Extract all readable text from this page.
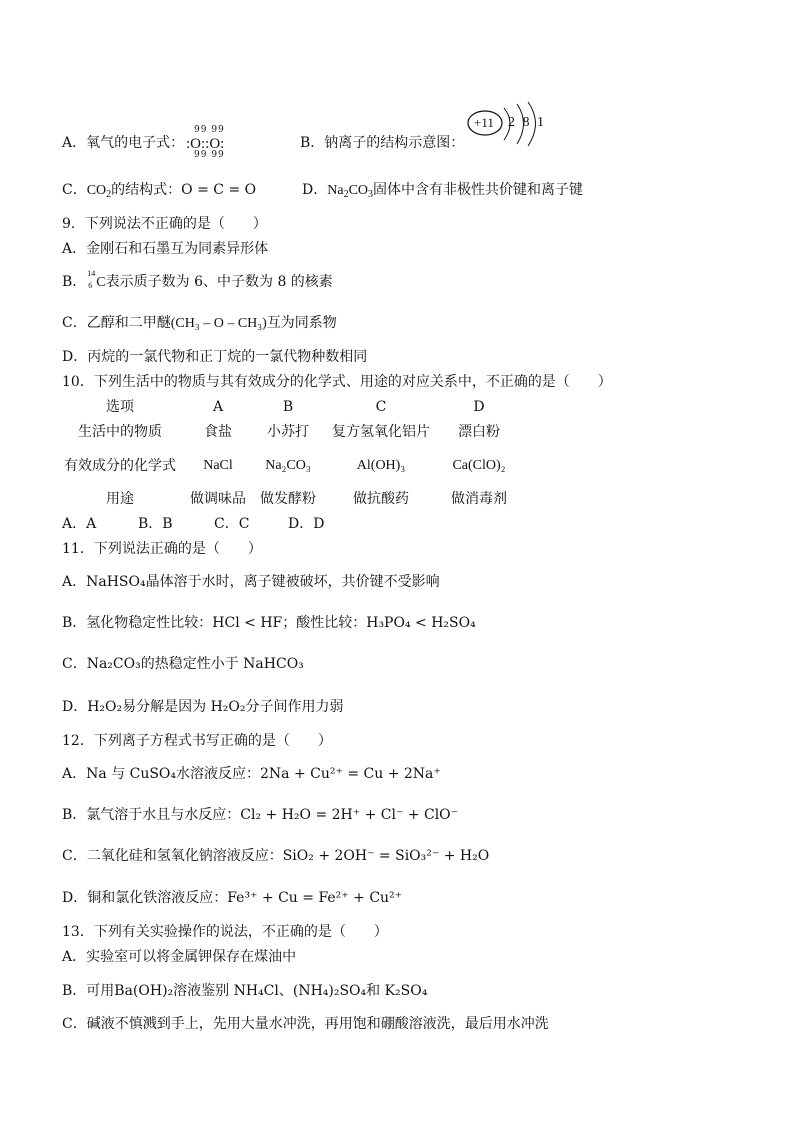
A．氧气的电子式：
99 99
:O::O:
99 99
B．钠离子的结构示意图：
+11 2 8 1
C．$CO_2$的结构式：O = C = O	D．$Na_2CO_3$固体中含有非极性共价键和离子键
9．下列说法不正确的是（　　）
A．金刚石和石墨互为同素异形体
B．
14
6 C表示质子数为 6、中子数为 8 的核素
C．乙醇和二甲醚(CH₃ – O – CH₃)互为同系物
D．丙烷的一氯代物和正丁烷的一氯代物种数相同
10．下列生活中的物质与其有效成分的化学式、用途的对应关系中，不正确的是（　　）
选项	A	B	C	D
生活中的物质	食盐	小苏打	复方氢氧化铝片	漂白粉
有效成分的化学式	NaCl	Na₂CO₃	Al(OH)₃	Ca(ClO)₂
用途	做调味品	做发酵粉	做抗酸药	做消毒剂
A．A	B．B	C．C	D．D
11．下列说法正确的是（　　）
A．NaHSO₄晶体溶于水时，离子键被破坏，共价键不受影响
B．氢化物稳定性比较：HCl < HF；酸性比较：H₃PO₄ < H₂SO₄
C．Na₂CO₃的热稳定性小于 NaHCO₃
D．H₂O₂易分解是因为 H₂O₂分子间作用力弱
12．下列离子方程式书写正确的是（　　）
A．Na 与 CuSO₄水溶液反应：2Na + Cu²⁺ = Cu + 2Na⁺
B．氯气溶于水且与水反应：Cl₂ + H₂O = 2H⁺ + Cl⁻ + ClO⁻
C．二氧化硅和氢氧化钠溶液反应：SiO₂ + 2OH⁻ = SiO₃²⁻ + H₂O
D．铜和氯化铁溶液反应：Fe³⁺ + Cu = Fe²⁺ + Cu²⁺
13．下列有关实验操作的说法，不正确的是（　　）
A．实验室可以将金属钾保存在煤油中
B．可用Ba(OH)₂溶液鉴别 NH₄Cl、(NH₄)₂SO₄和 K₂SO₄
C．碱液不慎溅到手上，先用大量水冲洗，再用饱和硼酸溶液洗，最后用水冲洗
